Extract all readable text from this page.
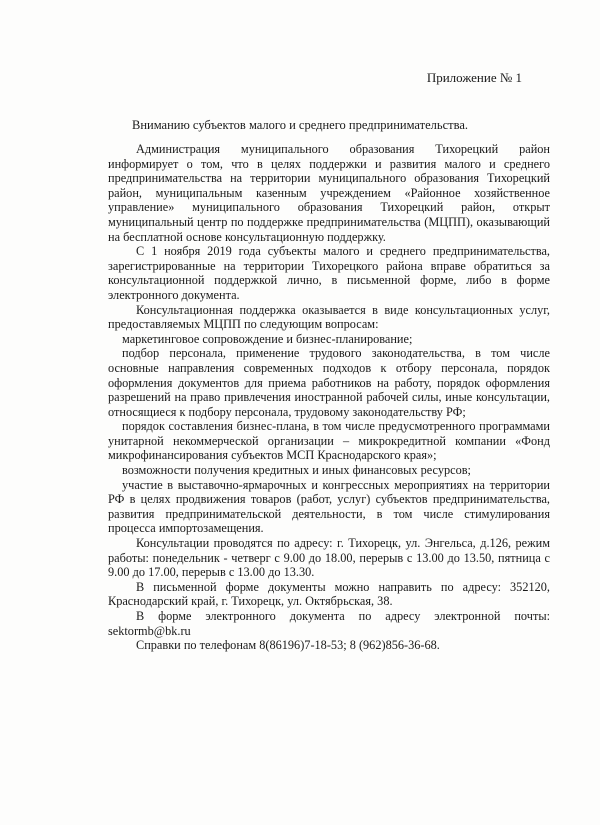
Приложение № 1
Вниманию субъектов малого и среднего предпринимательства.

Администрация муниципального образования Тихорецкий район информирует о том, что в целях поддержки и развития малого и среднего предпринимательства на территории муниципального образования Тихорецкий район, муниципальным казенным учреждением «Районное хозяйственное управление» муниципального образования Тихорецкий район, открыт муниципальный центр по поддержке предпринимательства (МЦПП), оказывающий на бесплатной основе консультационную поддержку.

С 1 ноября 2019 года субъекты малого и среднего предпринимательства, зарегистрированные на территории Тихорецкого района вправе обратиться за консультационной поддержкой лично, в письменной форме, либо в форме электронного документа.

Консультационная поддержка оказывается в виде консультационных услуг, предоставляемых МЦПП по следующим вопросам:

маркетинговое сопровождение и бизнес-планирование;

подбор персонала, применение трудового законодательства, в том числе основные направления современных подходов к отбору персонала, порядок оформления документов для приема работников на работу, порядок оформления разрешений на право привлечения иностранной рабочей силы, иные консультации, относящиеся к подбору персонала, трудовому законодательству РФ;

порядок составления бизнес-плана, в том числе предусмотренного программами унитарной некоммерческой организации – микрокредитной компании «Фонд микрофинансирования субъектов МСП Краснодарского края»;

возможности получения кредитных и иных финансовых ресурсов;

участие в выставочно-ярмарочных и конгрессных мероприятиях на территории РФ в целях продвижения товаров (работ, услуг) субъектов предпринимательства, развития предпринимательской деятельности, в том числе стимулирования процесса импортозамещения.

Консультации проводятся по адресу: г. Тихорецк, ул. Энгельса, д.126, режим работы: понедельник - четверг с 9.00 до 18.00, перерыв с 13.00 до 13.50, пятница с 9.00 до 17.00, перерыв с 13.00 до 13.30.

В письменной форме документы можно направить по адресу: 352120, Краснодарский край, г. Тихорецк, ул. Октябрьская, 38.

В форме электронного документа по адресу электронной почты: sektormb@bk.ru

Справки по телефонам 8(86196)7-18-53; 8 (962)856-36-68.
